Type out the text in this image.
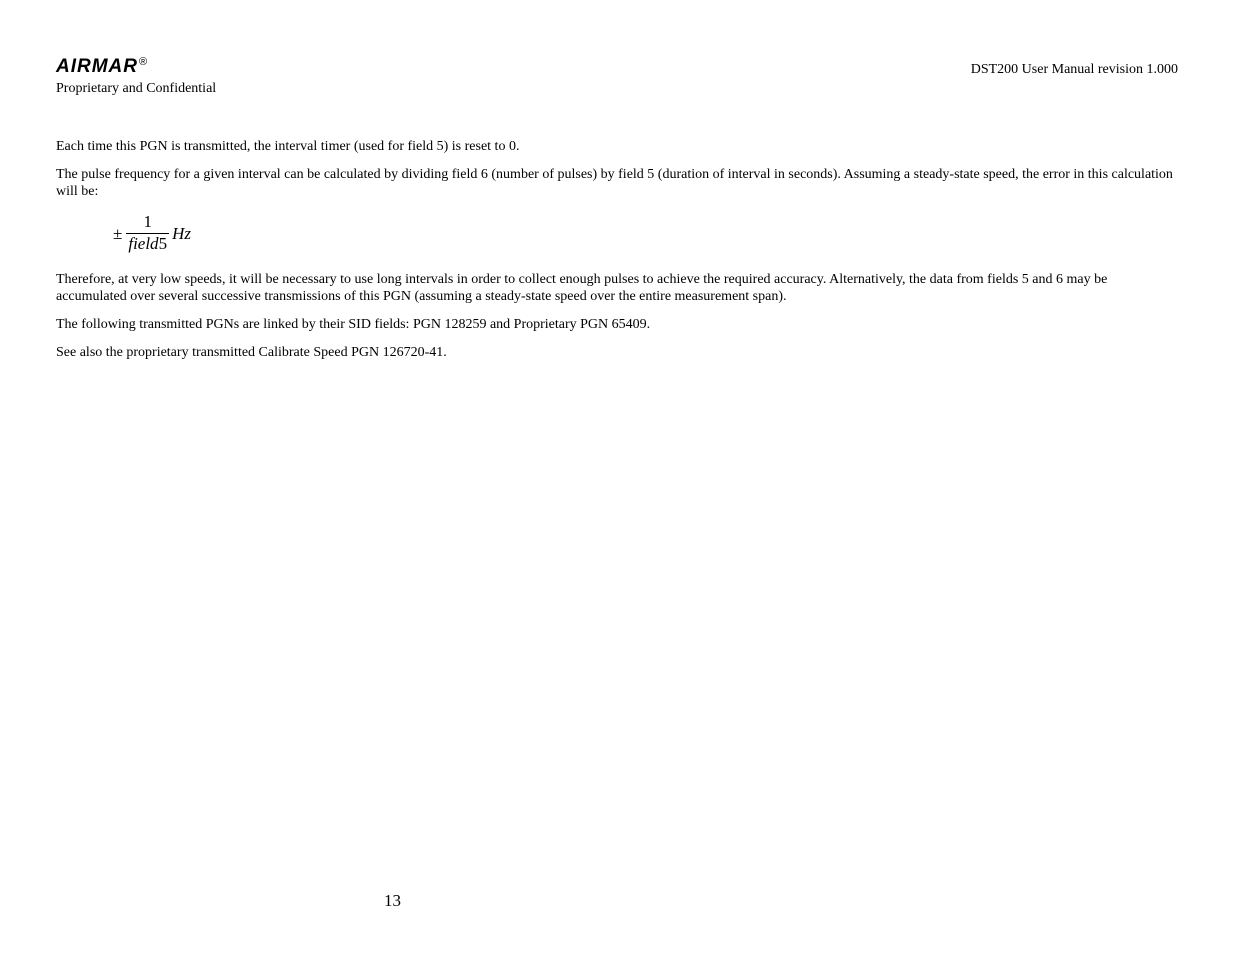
AIRMAR ®
Proprietary and Confidential
DST200 User Manual revision 1.000

Each time this PGN is transmitted, the interval timer (used for field 5) is reset to 0.

The pulse frequency for a given interval can be calculated by dividing field 6 (number of pulses) by field 5 (duration of interval in seconds). Assuming a steady-state speed, the error in this calculation will be:

± $\frac{1}{\text{field5}}$ Hz

Therefore, at very low speeds, it will be necessary to use long intervals in order to collect enough pulses to achieve the required accuracy. Alternatively, the data from fields 5 and 6 may be accumulated over several successive transmissions of this PGN (assuming a steady-state speed over the entire measurement span).

The following transmitted PGNs are linked by their SID fields: PGN 128259 and Proprietary PGN 65409.

See also the proprietary transmitted Calibrate Speed PGN 126720-41.

13
